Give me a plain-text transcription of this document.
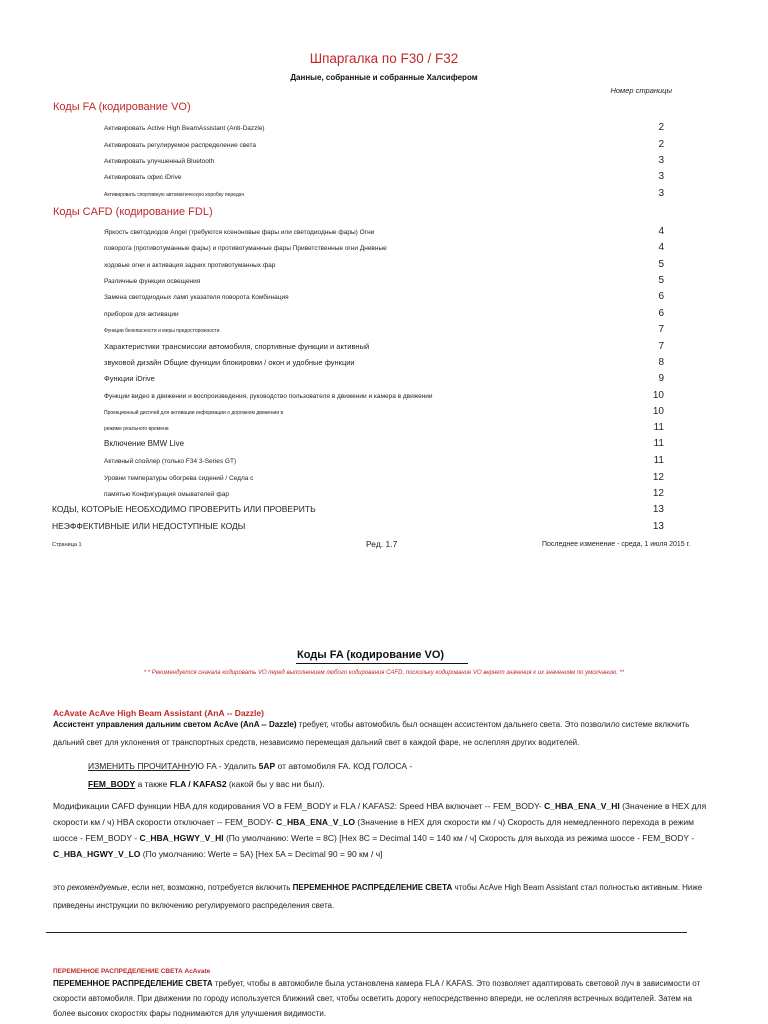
Шпаргалка по F30 / F32
Данные, собранные и собранные Халсифером
Номер страницы
Коды FA (кодирование VO)
Активировать Active High BeamAssistant (Anti-Dazzle)	2
Активировать регулируемое распределение света	2
Активировать улучшенный Bluetooth	3
Активировать офис iDrive	3
Активировать спортивную автоматическую коробку передач	3
Коды CAFD (кодирование FDL)
Яркость светодиодов Angel (требуются ксеноновые фары или светодиодные фары) Огни	4
поворота (противотуманные фары) и противотуманные фары Приветственные огни Дневные	4
ходовые огни и активация задних противотуманных фар	5
Различные функции освещения	5
Замена светодиодных ламп указателя поворота Комбинация	6
приборов для активации	6
Функции безопасности и меры предосторожности	7
Характеристики трансмиссии автомобиля, спортивные функции и активный	7
звуковой дизайн Общие функции блокировки / окон и удобные функции	8
Функции iDrive	9
Функции видео в движении и воспроизведения, руководство пользователя в движении и камера в движении	10
Проекционный дисплей для активации информации о дорожном движении в	10
режиме реального времени	11
Включение BMW Live	11
Активный спойлер (только F34 3-Series GT)	11
Уровни температуры обогрева сидений / Седла с	12
памятью Конфигурация омывателей фар	12
КОДЫ, КОТОРЫЕ НЕОБХОДИМО ПРОВЕРИТЬ ИЛИ ПРОВЕРИТЬ	13
НЕЭФФЕКТИВНЫЕ ИЛИ НЕДОСТУПНЫЕ КОДЫ	13
Страница 1	Ред. 1.7	Последнее изменение - среда, 1 июля 2015 г.
Коды FA (кодирование VO)
* * Рекомендуется сначала кодировать VO перед выполнением любого кодирования CAFD, поскольку кодирование VO вернет значения к их значениям по умолчанию. **
AcAvate AcAve High Beam Assistant (AnA -- Dazzle)
Ассистент управления дальним светом AcAve (AnA -- Dazzle) требует, чтобы автомобиль был оснащен ассистентом дальнего света. Это позволило системе включить дальний свет для уклонения от транспортных средств, независимо перемещая дальний свет в каждой фаре, не ослепляя других водителей.
ИЗМЕНИТЬ ПРОЧИТАННУЮ FA - Удалить 5AP от автомобиля FA. КОД ГОЛОСА -
FEM_BODY а также FLA / KAFAS2 (какой бы у вас ни был).
Модификации CAFD функции HBA для кодирования VO в FEM_BODY и FLA / KAFAS2: Speed HBA включает -- FEM_BODY- C_HBA_ENA_V_HI (Значение в HEX для скорости км / ч) HBA скорости отключает -- FEM_BODY- C_HBA_ENA_V_LO (Значение в HEX для скорости км / ч) Скорость для немедленного перехода в режим шоссе - FEM_BODY - C_HBA_HGWY_V_HI (По умолчанию: Werte = 8C) [Hex 8C = Decimal 140 = 140 км / ч] Скорость для выхода из режима шоссе - FEM_BODY - C_HBA_HGWY_V_LO (По умолчанию: Werte = 5A) [Hex 5A = Decimal 90 = 90 км / ч]
это рекомендуемые, если нет, возможно, потребуется включить ПЕРЕМЕННОЕ РАСПРЕДЕЛЕНИЕ СВЕТА чтобы AcAve High Beam Assistant стал полностью активным. Ниже приведены инструкции по включению регулируемого распределения света.
ПЕРЕМЕННОЕ РАСПРЕДЕЛЕНИЕ СВЕТА AcAvate
ПЕРЕМЕННОЕ РАСПРЕДЕЛЕНИЕ СВЕТА требует, чтобы в автомобиле была установлена камера FLA / KAFAS. Это позволяет адаптировать световой луч в зависимости от скорости автомобиля. При движении по городу используется ближний свет, чтобы осветить дорогу непосредственно впереди, не ослепляя встречных водителей. Затем на более высоких скоростях фары поднимаются для улучшения видимости.
